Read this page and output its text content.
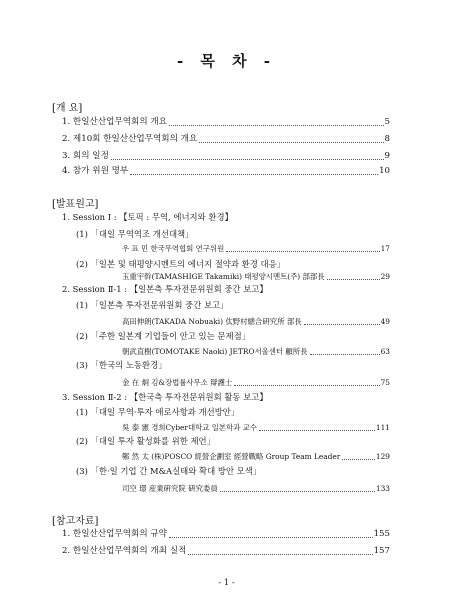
- 목 차 -
[개 요]
1. 한일산산업무역회의 개요	5
2. 제10회 한일산산업무역회의 개요	8
3. 회의 일정	9
4. 참가 위원 명부	10
[발표원고]
1. Session Ⅰ : 【토픽 : 무역, 에너지와 환경】
(1) 「대일 무역역조 개선대책」
우 표 민 한국무역협회 연구위원	17
(2) 「일본 및 태평양시멘트의 에너지 절약과 환경 대응」
玉重宇幹(TAMASHIGE Takamiki) 태평양시멘트(주) 部部長	29
2. Session Ⅱ-1 : 【일본측 투자전문위원회 중간 보고】
(1) 「일본측 투자전문위원회 중간 보고」
高田伸朗(TAKADA Nobuaki) 㑀野村總合硏究所 部長	49
(2) 「주한 일본계 기업들이 안고 있는 문제점」
朝武直樹(TOMOTAKE Naoki) JETRO서울센터 顧所長	63
(3) 「한국의 노동환경」
金 在 炯 김&장법률사무소 辯護士	75
3. Session Ⅱ-2 : 【한국측 투자전문위원회 활동 보고】
(1) 「대일 무역·투자 애로사항과 개선방안」
吳 泰 憲 경희Cyber대학교 일본학과 교수	111
(2) 「대일 투자 활성화를 위한 제언」
鄭 然 太 (株)POSCO 經營企劃室 經營戰略 Group Team Leader	129
(3) 「한·일 기업 간 M&A실태와 확대 방안 모색」
司空 璟 産業硏究院 硏究委員	133
[참고자료]
1. 한일산산업무역회의 규약	155
2. 한일산산업무역회의 개최 실적	157
- 1 -
